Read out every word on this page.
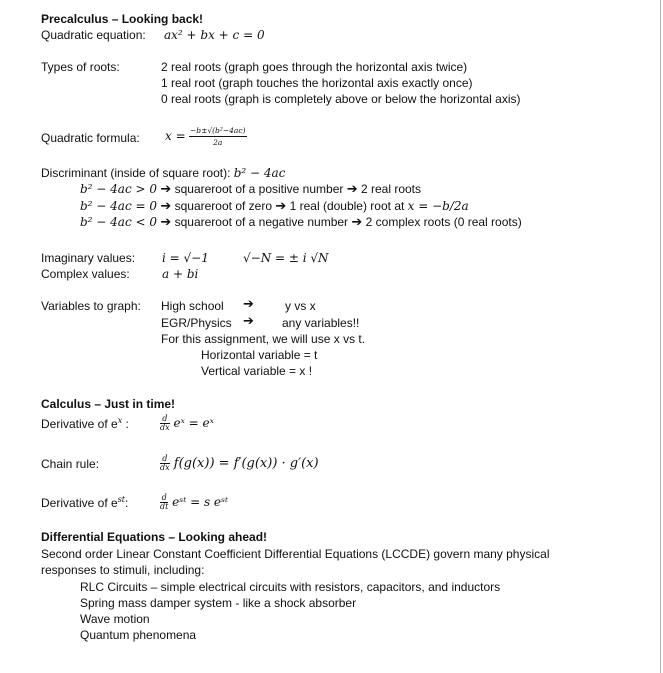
Precalculus – Looking back!
Quadratic equation: ax² + bx + c = 0
Types of roots:	2 real roots (graph goes through the horizontal axis twice)
1 real root (graph touches the horizontal axis exactly once)
0 real roots (graph is completely above or below the horizontal axis)
Quadratic formula: $x = \frac{\text{−b±√(b²−4ac)}}{2a}$
Discriminant (inside of square root): b² − 4ac
b² − 4ac > 0 ➔ squareroot of a positive number ➔ 2 real roots
b² − 4ac = 0 ➔ squareroot of zero ➔ 1 real (double) root at x = −b/2a
b² − 4ac < 0 ➔ squareroot of a negative number ➔ 2 complex roots (0 real roots)
Imaginary values: i = √−1	√−N = ± i √N
Complex values:	a + bi
Variables to graph: High school ➔	y vs x
EGR/Physics ➔ any variables!!
For this assignment, we will use x vs t.
Horizontal variable = t
Vertical variable = x !
Calculus – Just in time!
Derivative of $e^x$ :	$\frac{d}{dx}$ eˣ = eˣ
Chain rule:	$\frac{d}{dx} f(g(x)) = f'(g(x)) \cdot g'(x)$
Derivative of $e^{st}$:	$\frac{d}{dt}$ eˢᵗ = s eˢᵗ
Differential Equations – Looking ahead!
Second order Linear Constant Coefficient Differential Equations (LCCDE) govern many physical
responses to stimuli, including:
RLC Circuits – simple electrical circuits with resistors, capacitors, and inductors
Spring mass damper system - like a shock absorber
Wave motion
Quantum phenomena
